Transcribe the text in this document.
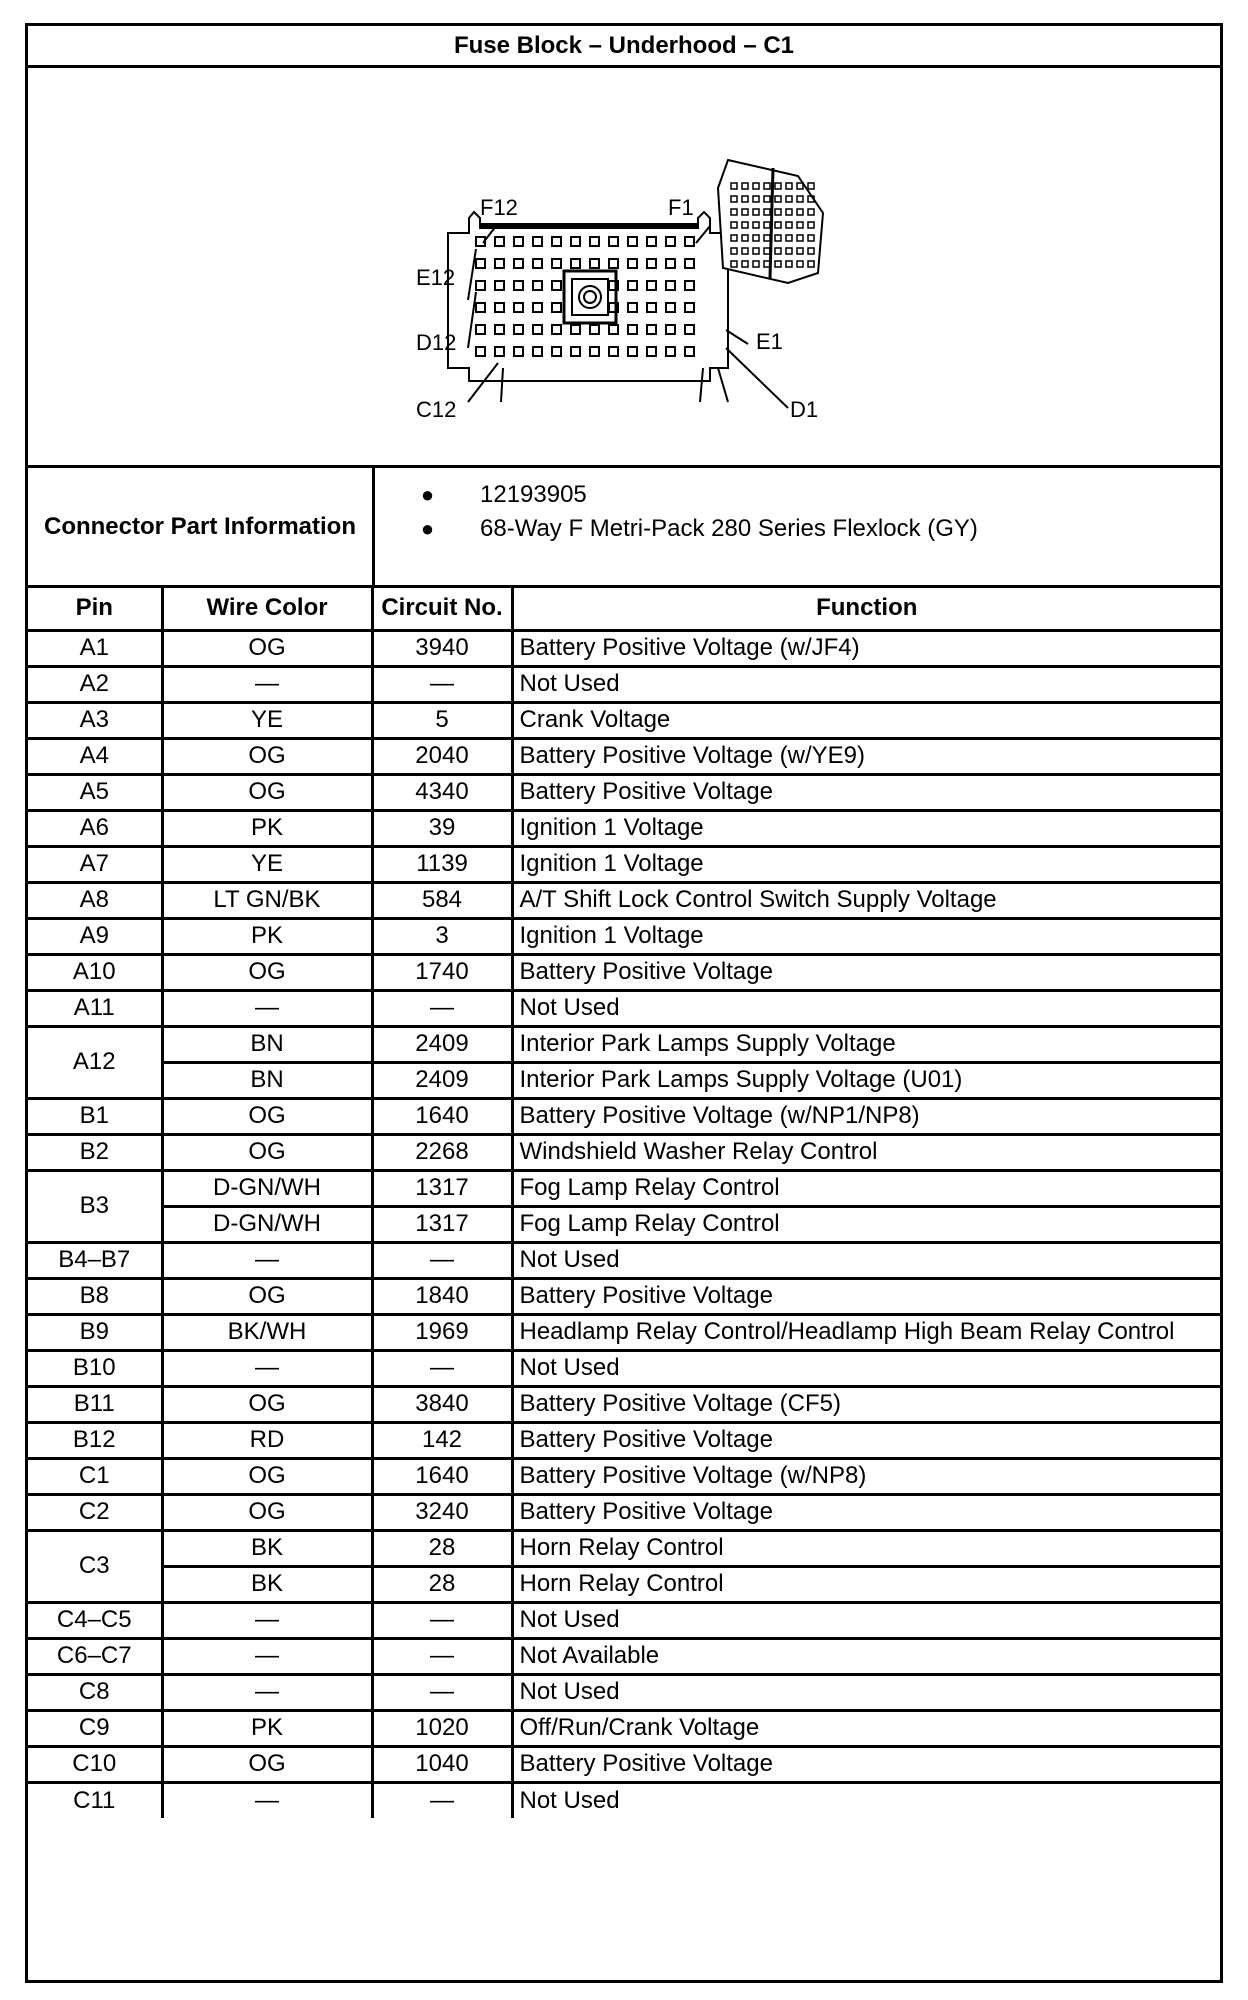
Fuse Block – Underhood – C1
F12	F1
E12
E1
D12
D1
C12
Connector Part Information
●	12193905
●	68-Way F Metri-Pack 280 Series Flexlock (GY)
Pin	Wire Color	Circuit No.	Function
A1	OG	3940	Battery Positive Voltage (w/JF4)
A2	—	—	Not Used
A3	YE	5	Crank Voltage
A4	OG	2040	Battery Positive Voltage (w/YE9)
A5	OG	4340	Battery Positive Voltage
A6	PK	39	Ignition 1 Voltage
A7	YE	1139	Ignition 1 Voltage
A8	LT GN/BK	584	A/T Shift Lock Control Switch Supply Voltage
A9	PK	3	Ignition 1 Voltage
A10	OG	1740	Battery Positive Voltage
A11	—	—	Not Used
A12	BN	2409	Interior Park Lamps Supply Voltage
	BN	2409	Interior Park Lamps Supply Voltage (U01)
B1	OG	1640	Battery Positive Voltage (w/NP1/NP8)
B2	OG	2268	Windshield Washer Relay Control
B3	D-GN/WH	1317	Fog Lamp Relay Control
	D-GN/WH	1317	Fog Lamp Relay Control
B4–B7	—	—	Not Used
B8	OG	1840	Battery Positive Voltage
B9	BK/WH	1969	Headlamp Relay Control/Headlamp High Beam Relay Control
B10	—	—	Not Used
B11	OG	3840	Battery Positive Voltage (CF5)
B12	RD	142	Battery Positive Voltage
C1	OG	1640	Battery Positive Voltage (w/NP8)
C2	OG	3240	Battery Positive Voltage
C3	BK	28	Horn Relay Control
	BK	28	Horn Relay Control
C4–C5	—	—	Not Used
C6–C7	—	—	Not Available
C8	—	—	Not Used
C9	PK	1020	Off/Run/Crank Voltage
C10	OG	1040	Battery Positive Voltage
C11	—	—	Not Used
